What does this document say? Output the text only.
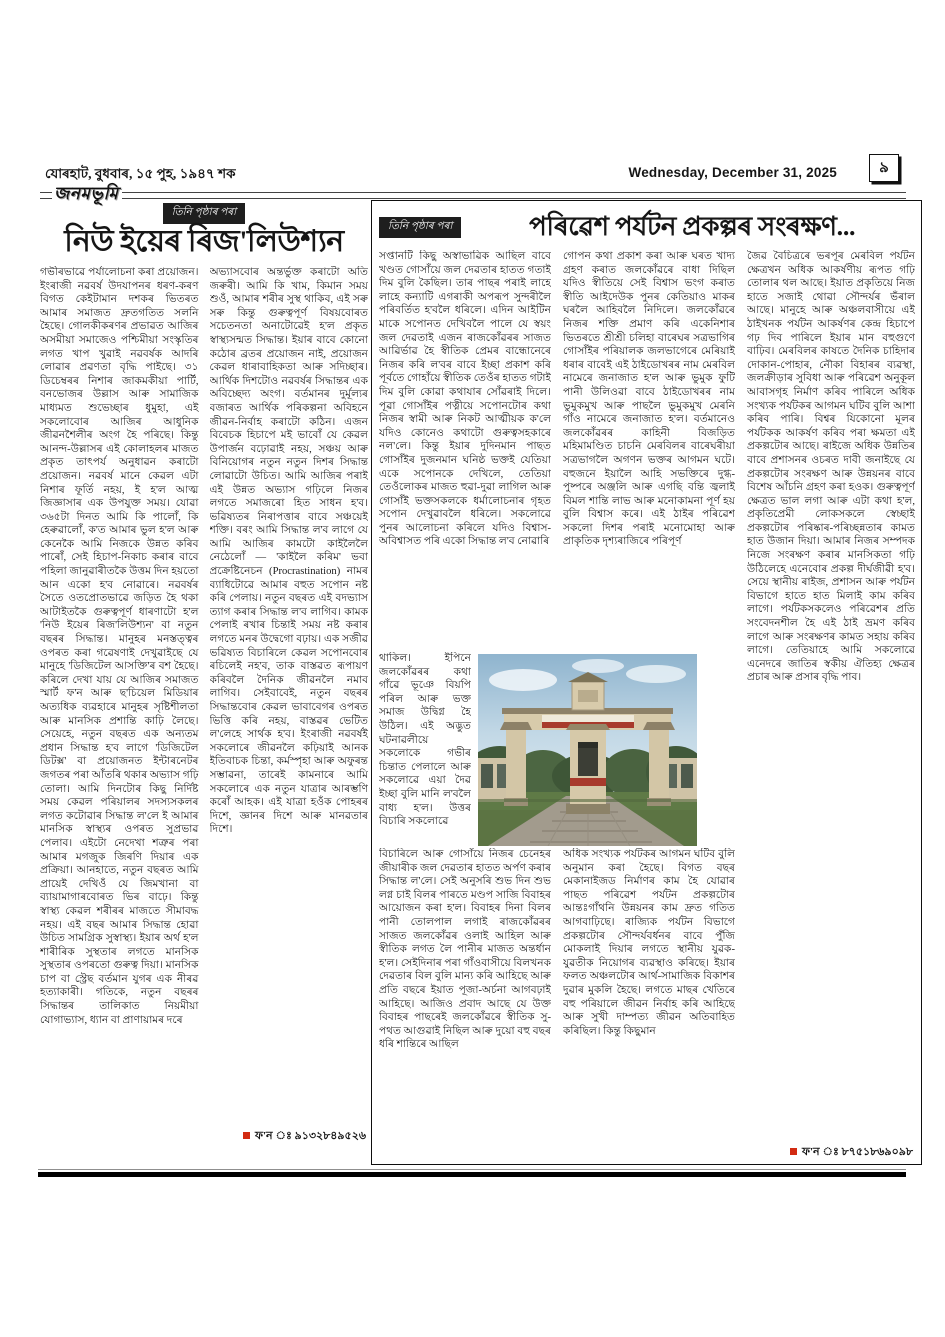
যোৰহাট, বুধবাৰ, ১৫ পুহ, ১৯৪৭ শক	Wednesday, December 31, 2025	৯
জনমভূমি
তিনি পৃষ্ঠাৰ পৰা
নিউ ইয়েৰ ৰিজ'লিউশ্যন
গভীৰভাৱে পৰ্যালোচনা কৰা প্ৰয়োজন। ইংৰাজী নৱবৰ্ষ উদযাপনৰ ধৰণ-কৰণ বিগত কেইটামান দশকৰ ভিতৰত আমাৰ সমাজত দ্ৰুতগতিত সলনি হৈছে। গোলকীকৰণৰ প্ৰভাৱত আজিৰ অসমীয়া সমাজেও পশ্চিমীয়া সংস্কৃতিৰ লগত খাপ খুৱাই নৱবৰ্ষক আদৰি লোৱাৰ প্ৰৱণতা বৃদ্ধি পাইছে। ৩১ ডিচেম্বৰৰ নিশাৰ জাকমকীয়া পাৰ্টি, বনভোজৰ উল্লাস আৰু সামাজিক মাধ্যমত শুভেচ্ছাৰ ধুমুহা, এই সকলোবোৰ আজিৰ আধুনিক জীৱনশৈলীৰ অংগ হৈ পৰিছে। কিন্তু আনন্দ-উল্লাসৰ এই কোলাহলৰ মাজত প্ৰকৃত তাৎপৰ্য অনুধাৱন কৰাটো প্ৰয়োজন। নৱবৰ্ষ মানে কেৱল এটা নিশাৰ ফূৰ্তি নহয়, ই হ'ল আত্ম জিজ্ঞাসাৰ এক উপযুক্ত সময়। যোৱা ৩৬৫টা দিনত আমি কি পালোঁ, কি হেৰুৱালোঁ, ক'ত আমাৰ ভুল হ'ল আৰু কেনেকৈ আমি নিজকে উন্নত কৰিব পাৰোঁ, সেই হিচাপ-নিকাচ কৰাৰ বাবে পহিলা জানুৱাৰীতকৈ উত্তম দিন হয়তো আন একো হ'ব নোৱাৰে। নৱবৰ্ষৰ সৈতে ওতপ্ৰোতভাৱে জড়িত হৈ থকা আটাইতকৈ গুৰুত্বপূৰ্ণ ধাৰণাটো হ'ল 'নিউ ইয়েৰ ৰিজ'লিউশ্যন' বা নতুন বছৰৰ সিদ্ধান্ত। মানুহৰ মনস্তত্ত্বৰ ওপৰত কৰা গৱেষণাই দেখুৱাইছে যে মানুহে 'ডিজিটেল আসক্তি'ৰ বশ হৈছে। কৰিলে দেখা যায় যে আজিৰ সমাজত স্মাৰ্ট ফ'ন আৰু ছ'চিয়েল মিডিয়াৰ অত্যধিক ব্যৱহাৰে মানুহৰ সৃষ্টিশীলতা আৰু মানসিক প্ৰশান্তি কাঢ়ি লৈছে। সেয়েহে, নতুন বছৰত এক অন্যতম প্ৰধান সিদ্ধান্ত হ'ব লাগে 'ডিজিটেল ডিটক্স' বা প্ৰয়োজনত ইন্টাৰনেটৰ জগতৰ পৰা আঁতৰি থকাৰ অভ্যাস গঢ়ি তোলা। আমি দিনটোৰ কিছু নিৰ্দিষ্ট সময় কেৱল পৰিয়ালৰ সদস্যসকলৰ লগত কটোৱাৰ সিদ্ধান্ত ল'লে ই আমাৰ মানসিক স্বাস্থ্যৰ ওপৰত সুপ্ৰভাৱ পেলাব। এইটো নেদেখা শত্ৰুৰ পৰা আমাৰ মগজুক জিৰণি দিয়াৰ এক প্ৰক্ৰিয়া। আনহাতে, নতুন বছৰত আমি প্ৰায়েই দেখিওঁ যে জিমখানা বা ব্যায়ামাগাৰবোৰত ভিৰ বাঢ়ে। কিন্তু স্বাস্থ্য কেৱল শৰীৰৰ মাজতে সীমাবদ্ধ নহয়। এই বছৰ আমাৰ সিদ্ধান্ত হোৱা উচিত সামগ্ৰিক সুস্বাস্থ্য। ইয়াৰ অৰ্থ হ'ল শাৰীৰিক সুস্থতাৰ লগতে মানসিক সুস্থতাৰ ওপৰতো গুৰুত্ব দিয়া। মানসিক চাপ বা স্ট্ৰেছ বৰ্তমান যুগৰ এক নীৰৱ হত্যাকাৰী। গতিকে, নতুন বছৰৰ সিদ্ধান্তৰ তালিকাত নিয়মীয়া যোগাভ্যাস, ধ্যান বা প্ৰাণায়ামৰ দৰে
অভ্যাসবোৰ অন্তৰ্ভুক্ত কৰাটো অতি জৰুৰী। আমি কি খাম, কিমান সময় শুওঁ, আমাৰ শৰীৰ সুস্থ থাকিব, এই সৰু সৰু কিন্তু গুৰুত্বপূৰ্ণ বিষয়বোৰত সচেতনতা অনাটোৱেই হ'ল প্ৰকৃত স্বাস্থ্যসন্মত সিদ্ধান্ত। ইয়াৰ বাবে কোনো কঠোৰ ব্ৰতৰ প্ৰয়োজন নাই, প্ৰয়োজন কেৱল ধাৰাবাহিকতা আৰু সদিচ্ছাৰ। আৰ্থিক দিশটোও নৱবৰ্ষৰ সিদ্ধান্তৰ এক অবিচ্ছেদ্য অংগ। বৰ্তমানৰ দুৰ্মূল্যৰ বজাৰত আৰ্থিক পৰিকল্পনা অবিহনে জীৱন-নিৰ্বাহ কৰাটো কঠিন। এজন বিবেচক হিচাপে মই ভাবোঁ যে কেৱল উপাৰ্জন বঢ়োৱাই নহয়, সঞ্চয় আৰু বিনিয়োগৰ নতুন নতুন দিশৰ সিদ্ধান্ত লোৱাটো উচিত। আমি আজিৰ পৰাই এই উন্নত অভ্যাস গঢ়িলে নিজৰ লগতে সমাজৰো হিত সাধন হ'ব। ভৱিষ্যতৰ নিৰাপত্তাৰ বাবে সঞ্চয়েই শক্তি। বৰং আমি সিদ্ধান্ত ল'ব লাগে যে আমি আজিৰ কামটো কাইলৈলৈ নেঠেলোঁ — 'কাইলৈ কৰিম' ভবা প্ৰক্ৰেষ্টিনেচন (Procrastination) নামৰ ব্যাধিটোৱে আমাৰ বহুত সপোন নষ্ট কৰি পেলায়। নতুন বছৰত এই বদভ্যাস ত্যাগ কৰাৰ সিদ্ধান্ত ল'ব লাগিব। কামক পেলাই ৰখাৰ চিন্তাই সময় নষ্ট কৰাৰ লগতে মনৰ উদ্বেগো বঢ়ায়। এক সজীৱ ভৱিষ্যত বিচাৰিলে কেৱল সপোনবোৰ ৰচিলেই নহ'ব, তাক বাস্তৱত ৰূপায়ণ কৰিবলৈ দৈনিক জীৱনলৈ নমাব লাগিব। সেইবাবেই, নতুন বছৰৰ সিদ্ধান্তবোৰ কেৱল ভাবাবেগৰ ওপৰত ভিত্তি কৰি নহয়, বাস্তৱৰ ভেটিত ল'লেহে সাৰ্থক হ'ব। ইংৰাজী নৱবৰ্ষই সকলোৰে জীৱনলৈ কঢ়িয়াই আনক ইতিবাচক চিন্তা, কৰ্মস্পৃহা আৰু অফুৰন্ত সম্ভাৱনা, তাৰেই কামনাৰে আমি সকলোৰে এক নতুন যাত্ৰাৰ আৰম্ভণি কৰোঁ আহক। এই যাত্ৰা হওঁক পোহৰৰ দিশে, জ্ঞানৰ দিশে আৰু মানৱতাৰ দিশে।
ফ'ন ঃ ৯১৩২৮৪৯৫২৬
তিনি পৃষ্ঠাৰ পৰা	পৰিৱেশ পৰ্যটন প্ৰকল্পৰ সংৰক্ষণ...
সপ্তানটি কিছু অস্বাভাৱিক আছিল বাবে খণ্ডত গোসাঁয়ে জল দেৱতাৰ হাতত গতাই দিম বুলি কৈছিল। তাৰ পাছৰ পৰাই লাহে লাহে কন্যাটি এগৰাকী অপৰূপ সুন্দৰীলৈ পৰিবৰ্তিত হ'বলৈ ধৰিলে। এদিন আইটিন মাকে সপোনত দেখিবলৈ পালে যে স্বয়ং জল দেৱতাই এজন ৰাজকোঁৱৰৰ সাজত আৱিৰ্ভাৱ হৈ স্বীতিক প্ৰেমৰ বান্ধোনেৰে নিজৰ কৰি ল'বৰ বাবে ইচ্ছা প্ৰকাশ কৰি পূৰ্বতে গোহাঁয়ে স্বীতিক তেওঁৰ হাতত গটাই দিম বুলি কোৱা কথাযাৰ সোঁৱৰাই দিলে। পূৱা গোসাঁইৰ পত্নীয়ে সপোনটোৰ কথা নিজৰ স্বামী আৰু নিকট আত্মীয়ক ক'লে যদিও কোনেও কথাটো গুৰুত্বসহকাৰে নল'লে। কিন্তু ইয়াৰ দুদিনমান পাছত গোসাঁইৰ দুজনমান ঘনিষ্ঠ ভক্তই যেতিয়া একে সপোনকে দেখিলে, তেতিয়া তেওঁলোকৰ মাজত হুৱা-দুৱা লাগিল আৰু গোসাঁই ভক্তসকলকে ধৰ্মালোচনাৰ গৃহত সপোন দেখুৱাবলৈ ধৰিলে। সকলোৱে পুনৰ আলোচনা কৰিলে যদিও বিশ্বাস-অবিশ্বাসত পৰি একো সিদ্ধান্ত ল'ব নোৱাৰি
থাকিল। ইপিনে জলকোঁৱৰৰ কথা গাঁৱে ভূঞে বিয়পি পৰিল আৰু ভক্ত সমাজ উদ্বিগ্ন হৈ উঠিল। এই অদ্ভুত ঘটনাৱলীয়ে সকলোকে গভীৰ চিন্তাত পেলালে আৰু সকলোৱে এয়া দৈৱ ইচ্ছা বুলি মানি ল'বলৈ বাধ্য হ'ল। উত্তৰ বিচাৰি সকলোৱে
বিচাৰিলে আৰু গোসাঁয়ে নিজৰ চেনেহৰ জীয়াৰীক জল দেৱতাৰ হাতত অৰ্পণ কৰাৰ সিদ্ধান্ত ল'লে। সেই অনুসৰি শুভ দিন শুভ লগ্ন চাই বিলৰ পাৰতে মণ্ডপ সাজি বিবাহৰ আয়োজন কৰা হ'ল। বিবাহৰ দিনা বিলৰ পানী তোলপাল লগাই ৰাজকোঁৱৰৰ সাজত জলকোঁৱৰ ওলাই আহিল আৰু স্বীতিক লগত লৈ পানীৰ মাজত অন্তৰ্ধান হ'ল। সেইদিনাৰ পৰা গাঁওবাসীয়ে বিলখনক দেৱতাৰ বিল বুলি মান্য কৰি আহিছে আৰু প্ৰতি বছৰে ইয়াত পূজা-অৰ্চনা আগবঢ়াই আহিছে। আজিও প্ৰবাদ আছে যে উক্ত বিবাহৰ পাছৰেই জলকোঁৱৰে স্বীতিক সু-পথত আগুৱাই নিছিল আৰু দুয়ো বহু বছৰ ধৰি শান্তিৰে আছিল
গোপন কথা প্ৰকাশ কৰা আৰু ঘৰত খাদ্য গ্ৰহণ কৰাত জলকোঁৱৰে বাধা দিছিল যদিও স্বীতিয়ে সেই বিশ্বাস ভংগ কৰাত স্বীতি আইদেউক পুনৰ কেতিয়াও মাকৰ ঘৰলৈ আহিবলৈ নিদিলে। জলকোঁৱৰে নিজৰ শক্তি প্ৰমাণ কৰি একেনিশাৰ ভিতৰতে শ্ৰীশ্ৰী চলিহা বাৰেঘৰ সত্ৰভাগিৰ গোসাঁইৰ পৰিয়ালক জলভাগেৰে মেৰিয়াই ধৰাৰ বাবেই এই ঠাইডোখৰৰ নাম মেৰবিল নামেৰে জনাজাত হ'ল আৰু ভুমুক ফুটি পানী উলিওৱা বাবে ঠাইডোখৰৰ নাম ভুমুকমুখ আৰু পাছলৈ ভুমুকমুখ মেৰনি গাঁও নামেৰে জনাজাত হ'ল। বৰ্তমানেও জলকোঁৱৰৰ কাহিনী বিজড়িত মহিমামণ্ডিত চাচনি মেৰবিলৰ বাৰেঘৰীয়া সত্ৰভাগলৈ অগণন ভক্তৰ আগমন ঘটে। বহুজনে ইয়ালৈ আহি সভক্তিৰে দুগ্ধ-পুষ্পৰে অঞ্জলি আৰু এগছি বন্তি জ্বলাই বিমল শান্তি লাভ আৰু মনোকামনা পূৰ্ণ হয় বুলি বিশ্বাস কৰে। এই ঠাইৰ পৰিৱেশ সকলো দিশৰ পৰাই মনোমোহা আৰু প্ৰাকৃতিক দৃশ্যৰাজিৰে পৰিপূৰ্ণ
অধিক সংখ্যক পৰ্যটকৰ আগমন ঘটিব বুলি অনুমান কৰা হৈছে। বিগত বছৰ মেকানাইজড নিৰ্মাণৰ কাম হৈ যোৱাৰ পাছত পৰিৱেশ পৰ্যটন প্ৰকল্পটোৰ আন্তঃগাঁথনি উন্নয়নৰ কাম দ্ৰুত গতিত আগবাঢ়িছে। ৰাজ্যিক পৰ্যটন বিভাগে প্ৰকল্পটোৰ সৌন্দৰ্যবৰ্ধনৰ বাবে পুঁজি মোকলাই দিয়াৰ লগতে স্থানীয় যুৱক-যুৱতীক নিয়োগৰ ব্যৱস্থাও কৰিছে। ইয়াৰ ফলত অঞ্চলটোৰ আৰ্থ-সামাজিক বিকাশৰ দুৱাৰ মুকলি হৈছে। লগতে মাছৰ খেতিৰে বহু পৰিয়ালে জীৱন নিৰ্বাহ কৰি আহিছে আৰু সুখী দাম্পত্য জীৱন অতিবাহিত কৰিছিল। কিন্তু কিছুমান
জৈৱ বৈচিত্ৰৰে ভৰপূৰ মেৰবিল পৰ্যটন ক্ষেত্ৰখন অধিক আকৰ্ষণীয় ৰূপত গঢ়ি তোলাৰ থল আছে। ইয়াত প্ৰকৃতিয়ে নিজ হাতে সজাই থোৱা সৌন্দৰ্যৰ ভঁৰাল আছে। মানুহে আৰু অঞ্চলবাসীয়ে এই ঠাইখনক পৰ্যটন আকৰ্ষণৰ কেন্দ্ৰ হিচাপে গঢ় দিব পাৰিলে ইয়াৰ মান বহুগুণে বাঢ়িব। মেৰবিলৰ কাষতে দৈনিক চাহিদাৰ দোকান-পোহাৰ, নৌকা বিহাৰৰ ব্যৱস্থা, জলক্ৰীড়াৰ সুবিধা আৰু পৰিৱেশ অনুকূল আবাসগৃহ নিৰ্মাণ কৰিব পাৰিলে অধিক সংখ্যক পৰ্যটকৰ আগমন ঘটিব বুলি আশা কৰিব পাৰি। বিশ্বৰ যিকোনো মূলৰ পৰ্যটকক আকৰ্ষণ কৰিব পৰা ক্ষমতা এই প্ৰকল্পটোৰ আছে। ৰাইজে অধিক উন্নতিৰ বাবে প্ৰশাসনৰ ওচৰত দাবী জনাইছে যে প্ৰকল্পটোৰ সংৰক্ষণ আৰু উন্নয়নৰ বাবে বিশেষ আঁচনি গ্ৰহণ কৰা হওক। গুৰুত্বপূৰ্ণ ক্ষেত্ৰত ভাল লগা আৰু এটা কথা হ'ল, প্ৰকৃতিপ্ৰেমী লোকসকলে স্বেচ্ছাই প্ৰকল্পটোৰ পৰিষ্কাৰ-পৰিচ্ছন্নতাৰ কামত হাত উজান দিয়া। আমাৰ নিজৰ সম্পদক নিজে সংৰক্ষণ কৰাৰ মানসিকতা গঢ়ি উঠিলেহে এনেবোৰ প্ৰকল্প দীৰ্ঘজীৱী হ'ব। সেয়ে স্থানীয় ৰাইজ, প্ৰশাসন আৰু পৰ্যটন বিভাগে হাতে হাত মিলাই কাম কৰিব লাগে। পৰ্যটকসকলেও পৰিৱেশৰ প্ৰতি সংবেদনশীল হৈ এই ঠাই ভ্ৰমণ কৰিব লাগে আৰু সংৰক্ষণৰ কামত সহায় কৰিব লাগে। তেতিয়াহে আমি সকলোৱে এনেদৰে জাতিৰ স্বকীয় ঐতিহ্য ক্ষেত্ৰৰ প্ৰচাৰ আৰু প্ৰসাৰ বৃদ্ধি পাব।
ফ'ন ঃ ৮৭৫১৮৬৯০৯৮
